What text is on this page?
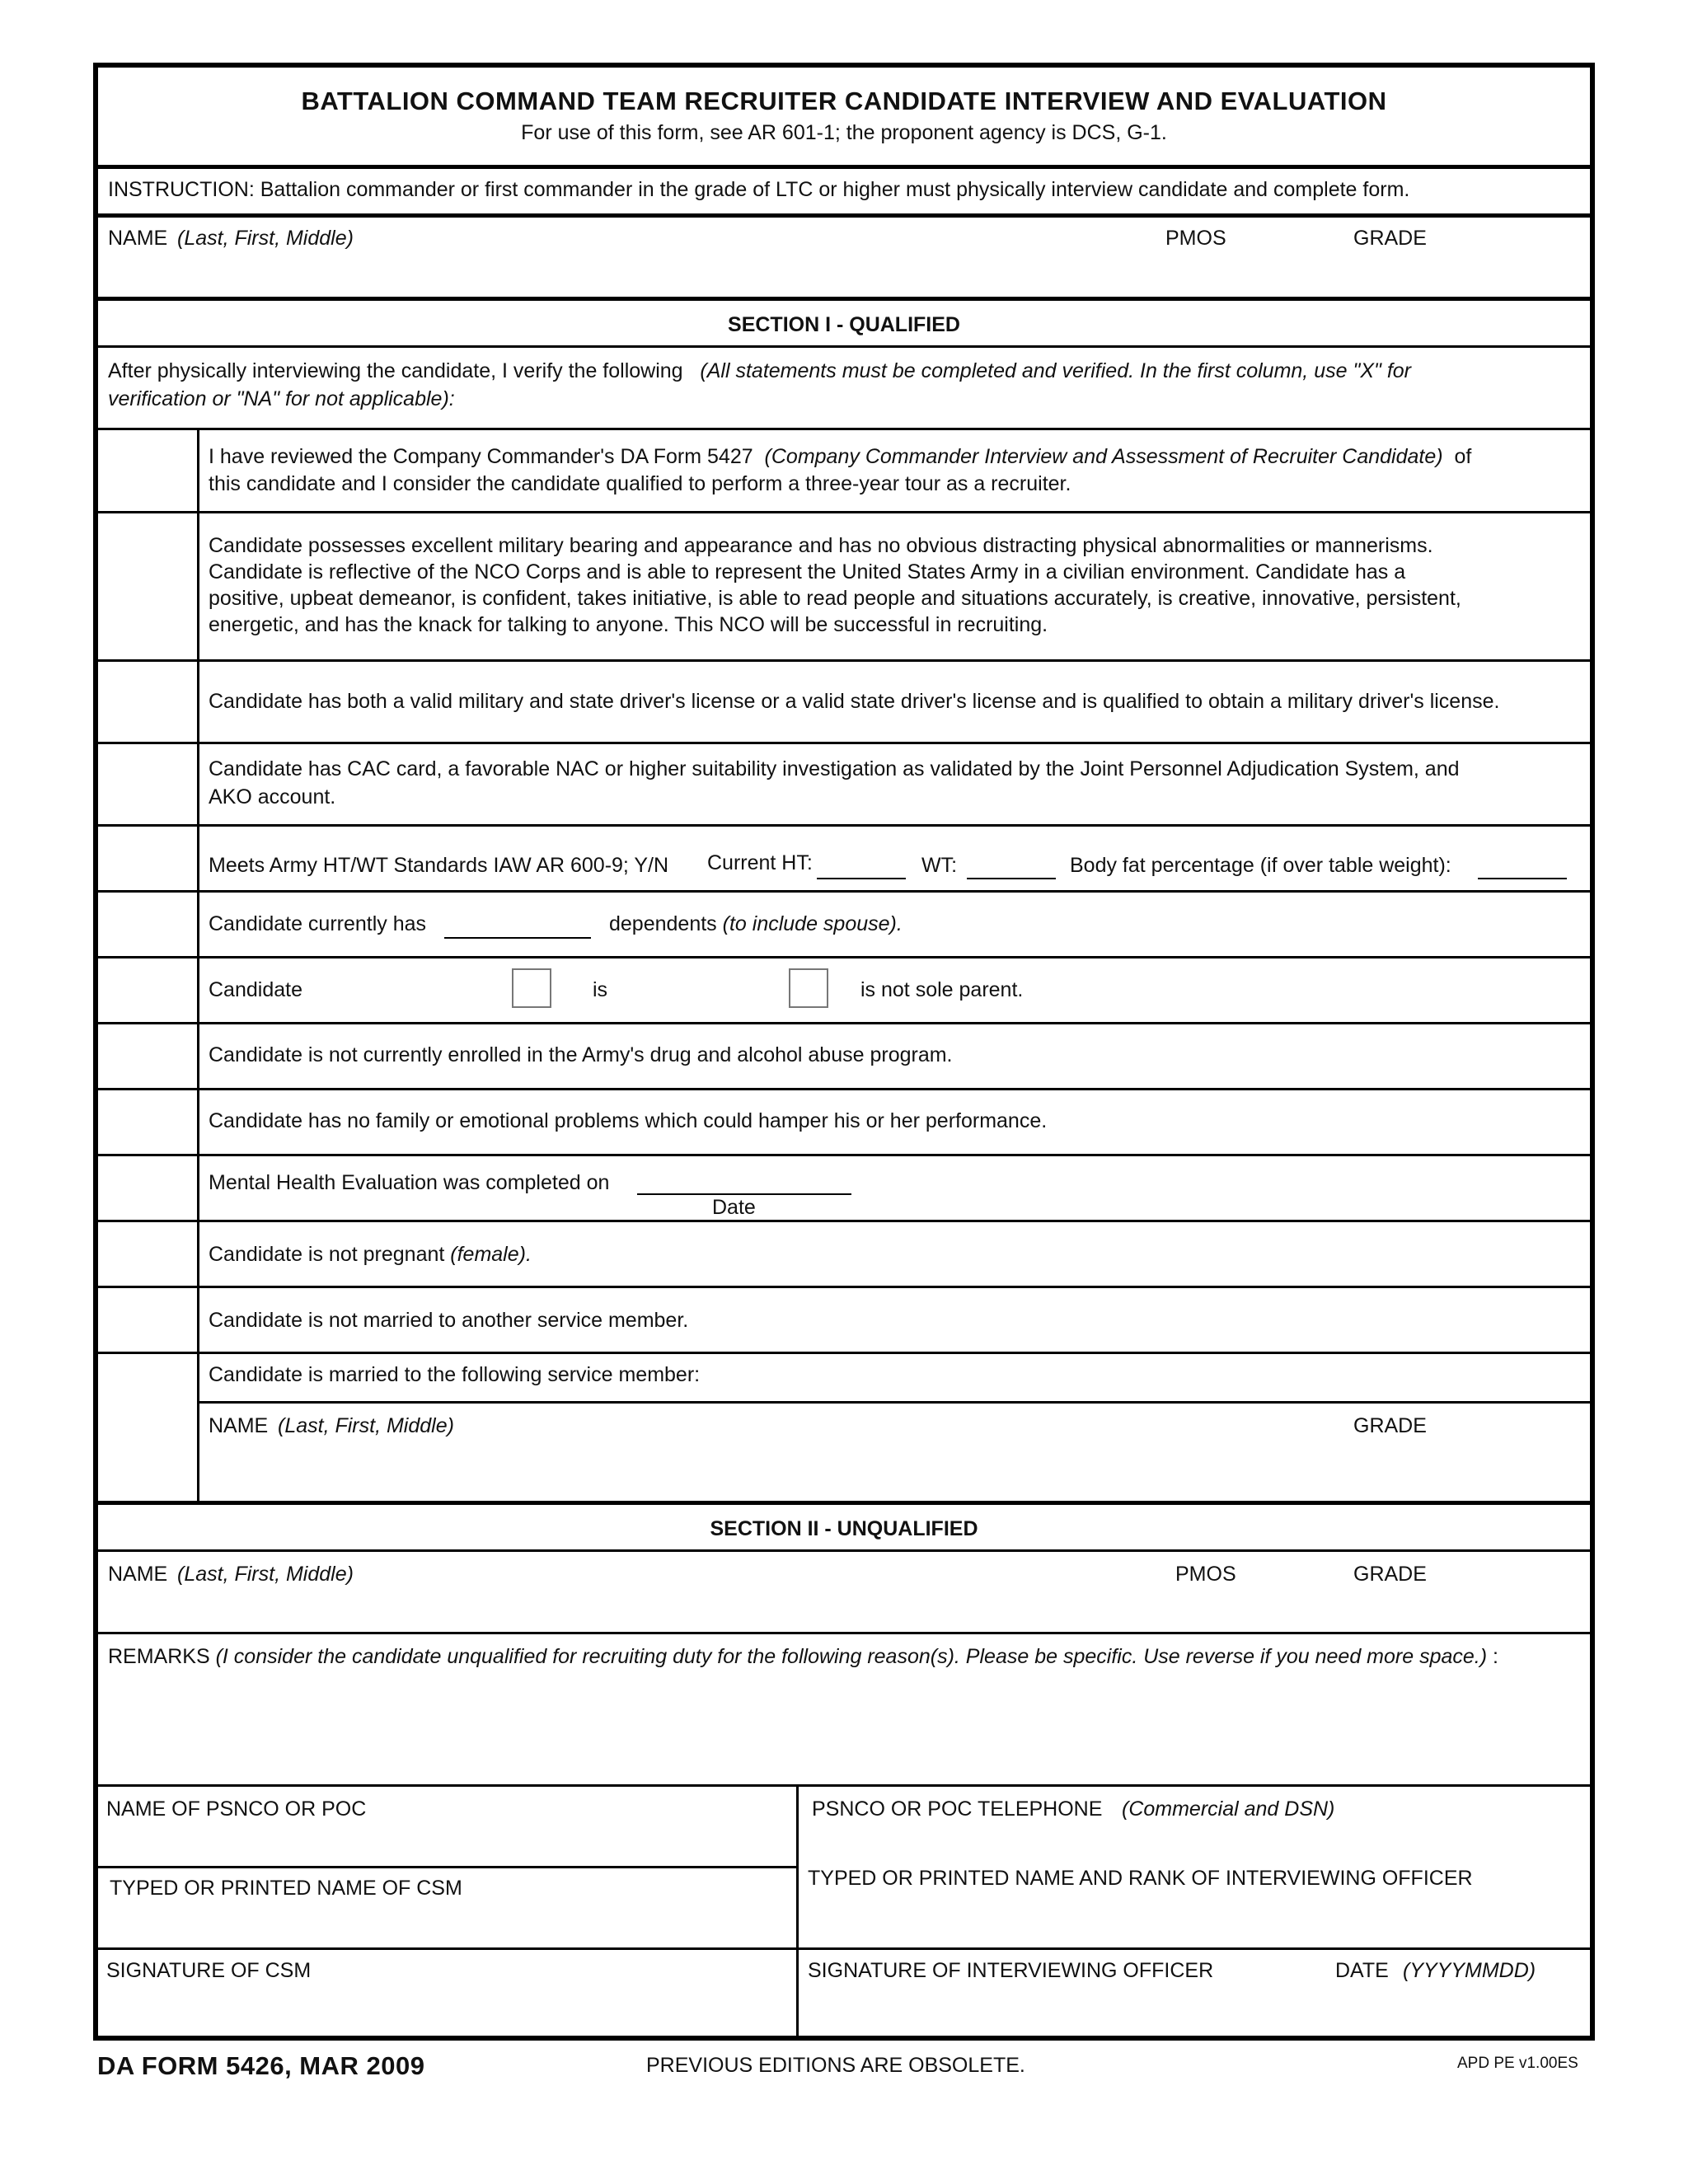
BATTALION COMMAND TEAM RECRUITER CANDIDATE INTERVIEW AND EVALUATION
For use of this form, see AR 601-1; the proponent agency is DCS, G-1.
INSTRUCTION: Battalion commander or first commander in the grade of LTC or higher must physically interview candidate and complete form.
NAME (Last, First, Middle)	PMOS	GRADE
SECTION I - QUALIFIED
After physically interviewing the candidate, I verify the following (All statements must be completed and verified. In the first column, use "X" for
verification or "NA" for not applicable):
I have reviewed the Company Commander's DA Form 5427 (Company Commander Interview and Assessment of Recruiter Candidate) of
this candidate and I consider the candidate qualified to perform a three-year tour as a recruiter.
Candidate possesses excellent military bearing and appearance and has no obvious distracting physical abnormalities or mannerisms.
Candidate is reflective of the NCO Corps and is able to represent the United States Army in a civilian environment. Candidate has a
positive, upbeat demeanor, is confident, takes initiative, is able to read people and situations accurately, is creative, innovative, persistent,
energetic, and has the knack for talking to anyone. This NCO will be successful in recruiting.
Candidate has both a valid military and state driver's license or a valid state driver's license and is qualified to obtain a military driver's license.
Candidate has CAC card, a favorable NAC or higher suitability investigation as validated by the Joint Personnel Adjudication System, and
AKO account.
Meets Army HT/WT Standards IAW AR 600-9; Y/N Current HT:	WT:	Body fat percentage (if over table weight):
Candidate currently has	dependents (to include spouse).
Candidate	is	is not sole parent.
Candidate is not currently enrolled in the Army's drug and alcohol abuse program.
Candidate has no family or emotional problems which could hamper his or her performance.
Mental Health Evaluation was completed on
Date
Candidate is not pregnant (female).
Candidate is not married to another service member.
Candidate is married to the following service member:
NAME (Last, First, Middle)	GRADE
SECTION II - UNQUALIFIED
NAME (Last, First, Middle)	PMOS	GRADE
REMARKS (I consider the candidate unqualified for recruiting duty for the following reason(s). Please be specific. Use reverse if you need more space.) :
NAME OF PSNCO OR POC	PSNCO OR POC TELEPHONE (Commercial and DSN)
TYPED OR PRINTED NAME OF CSM	TYPED OR PRINTED NAME AND RANK OF INTERVIEWING OFFICER
SIGNATURE OF CSM	SIGNATURE OF INTERVIEWING OFFICER	DATE (YYYYMMDD)
DA FORM 5426, MAR 2009	PREVIOUS EDITIONS ARE OBSOLETE.	APD PE v1.00ES
